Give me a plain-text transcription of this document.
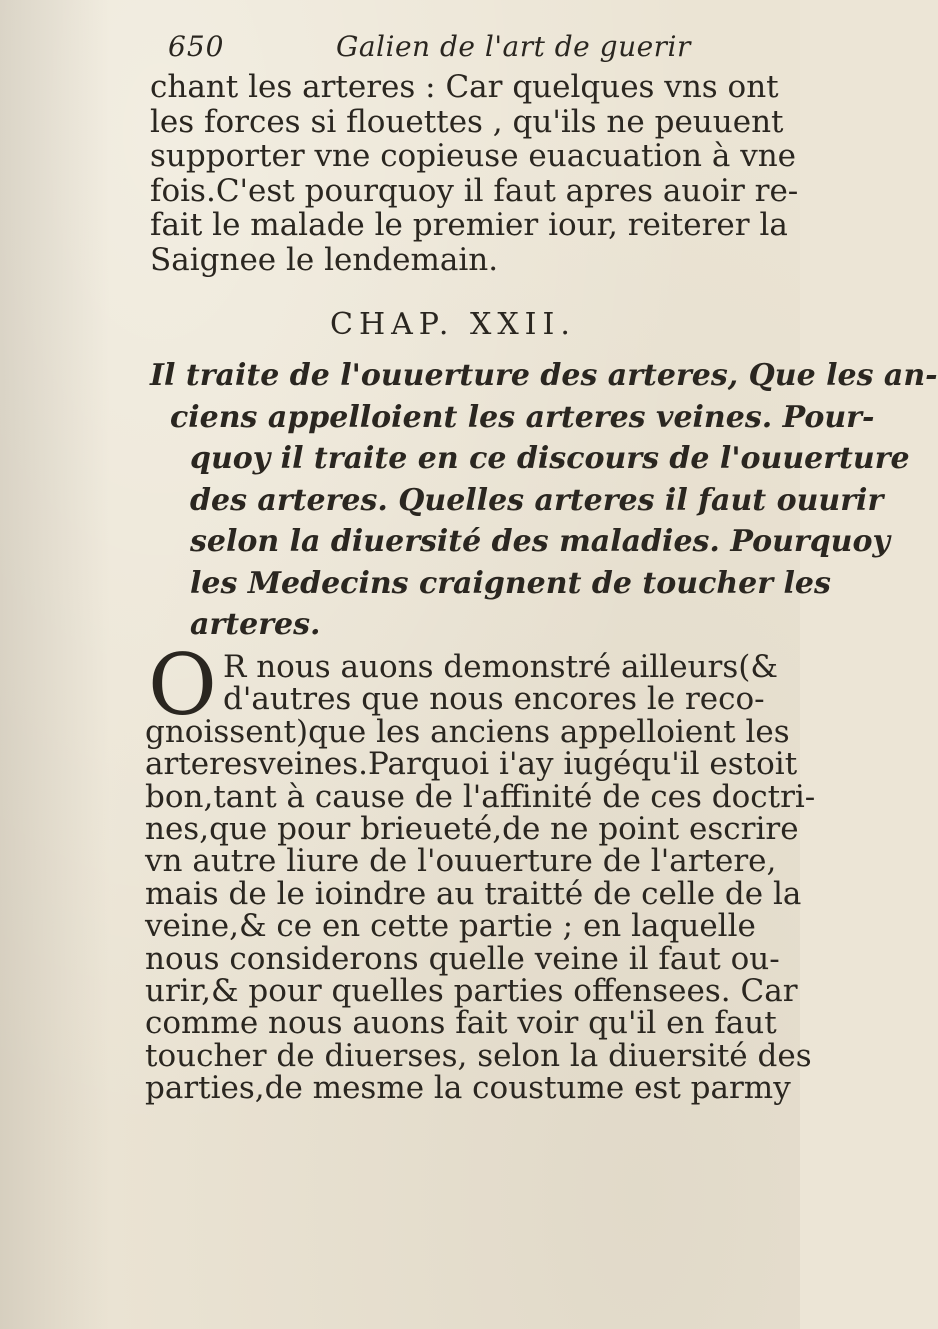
650	Galien de l'art de guerir
chant les arteres : Car quelques vns ont
les forces si flouettes , qu'ils ne peuuent
supporter vne copieuse euacuation à vne
fois.C'est pourquoy il faut apres auoir re-
fait le malade le premier iour, reiterer la
Saignee le lendemain.
CHAP. XXII.
Il traite de l'ouuerture des arteres, Que les an-
ciens appelloient les arteres veines. Pour-
quoy il traite en ce discours de l'ouuerture
des arteres. Quelles arteres il faut ouurir
selon la diuersité des maladies. Pourquoy
les Medecins craignent de toucher les
arteres.
O R nous auons demonstré ailleurs(&
d'autres que nous encores le reco-
gnoissent)que les anciens appelloient les
arteresveines.Parquoi i'ay iugéqu'il estoit
bon,tant à cause de l'affinité de ces doctri-
nes,que pour brieueté,de ne point escrire
vn autre liure de l'ouuerture de l'artere,
mais de le ioindre au traitté de celle de la
veine,& ce en cette partie ; en laquelle
nous considerons quelle veine il faut ou-
urir,& pour quelles parties offensees. Car
comme nous auons fait voir qu'il en faut
toucher de diuerses, selon la diuersité des
parties,de mesme la coustume est parmy
